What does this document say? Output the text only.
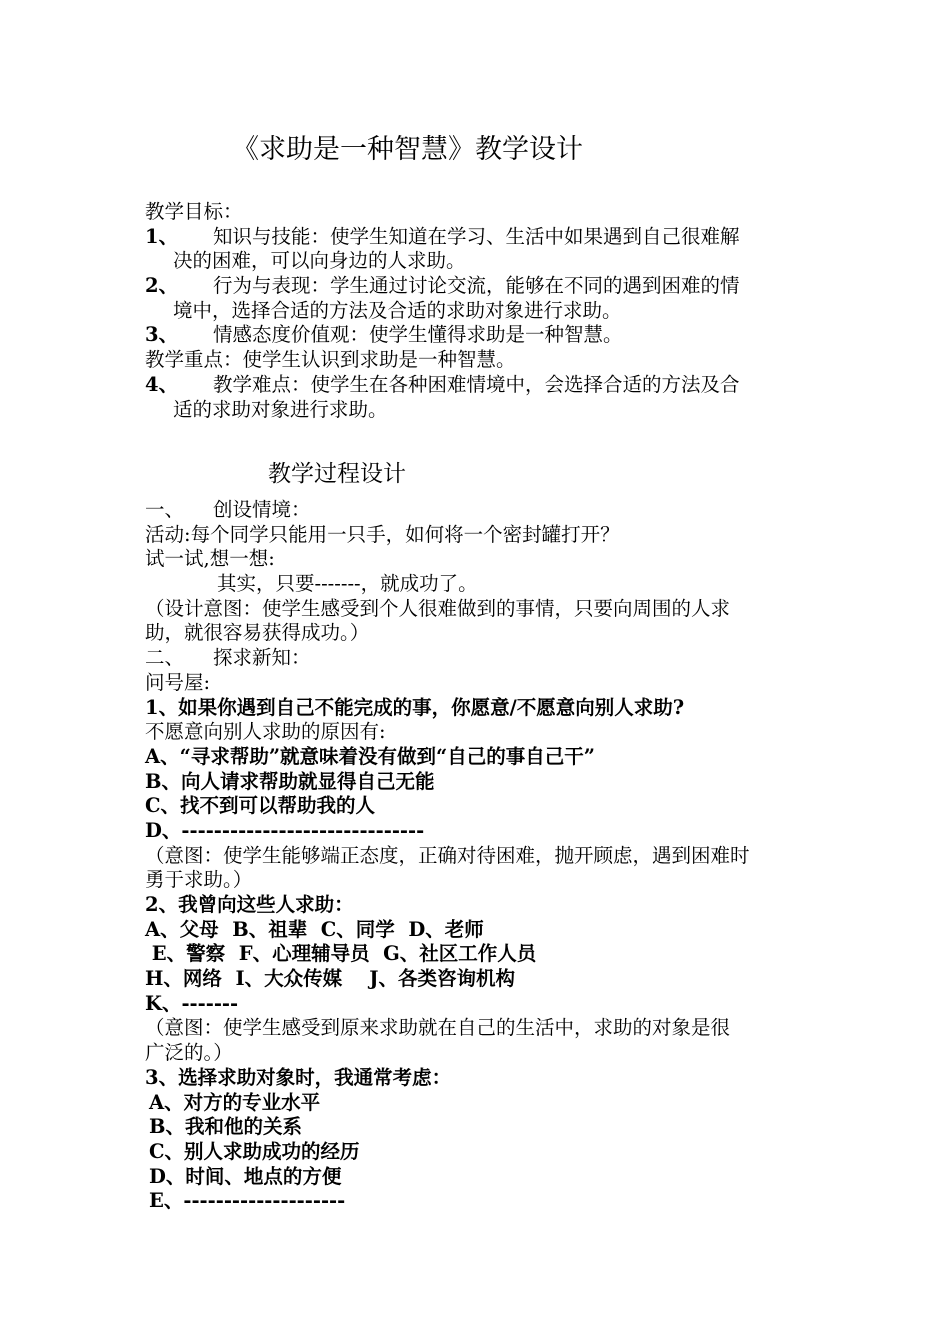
《求助是一种智慧》教学设计
教学目标：
1、	知识与技能：使学生知道在学习、生活中如果遇到自己很难解
决的困难，可以向身边的人求助。
2、	行为与表现：学生通过讨论交流，能够在不同的遇到困难的情
境中，选择合适的方法及合适的求助对象进行求助。
3、	情感态度价值观：使学生懂得求助是一种智慧。
教学重点：使学生认识到求助是一种智慧。
4、	教学难点：使学生在各种困难情境中，会选择合适的方法及合
适的求助对象进行求助。
教学过程设计
一、	创设情境：
活动:每个同学只能用一只手，如何将一个密封罐打开？
试一试,想一想:
其实，只要-------，就成功了。
（设计意图：使学生感受到个人很难做到的事情，只要向周围的人求
助，就很容易获得成功。）
二、	探求新知：
问号屋:
1、如果你遇到自己不能完成的事，你愿意/不愿意向别人求助?
不愿意向别人求助的原因有:
A、“寻求帮助”就意味着没有做到“自己的事自己干”
B、向人请求帮助就显得自己无能
C、找不到可以帮助我的人
D、------------------------------
（意图：使学生能够端正态度，正确对待困难，抛开顾虑，遇到困难时
勇于求助。）
2、我曾向这些人求助：
A、父母  B、祖辈  C、同学  D、老师
E、警察  F、心理辅导员  G、社区工作人员
H、网络  I、大众传媒    J、各类咨询机构
K、-------
（意图：使学生感受到原来求助就在自己的生活中，求助的对象是很
广泛的。）
3、选择求助对象时，我通常考虑：
A、对方的专业水平
B、我和他的关系
C、别人求助成功的经历
D、时间、地点的方便
E、--------------------
